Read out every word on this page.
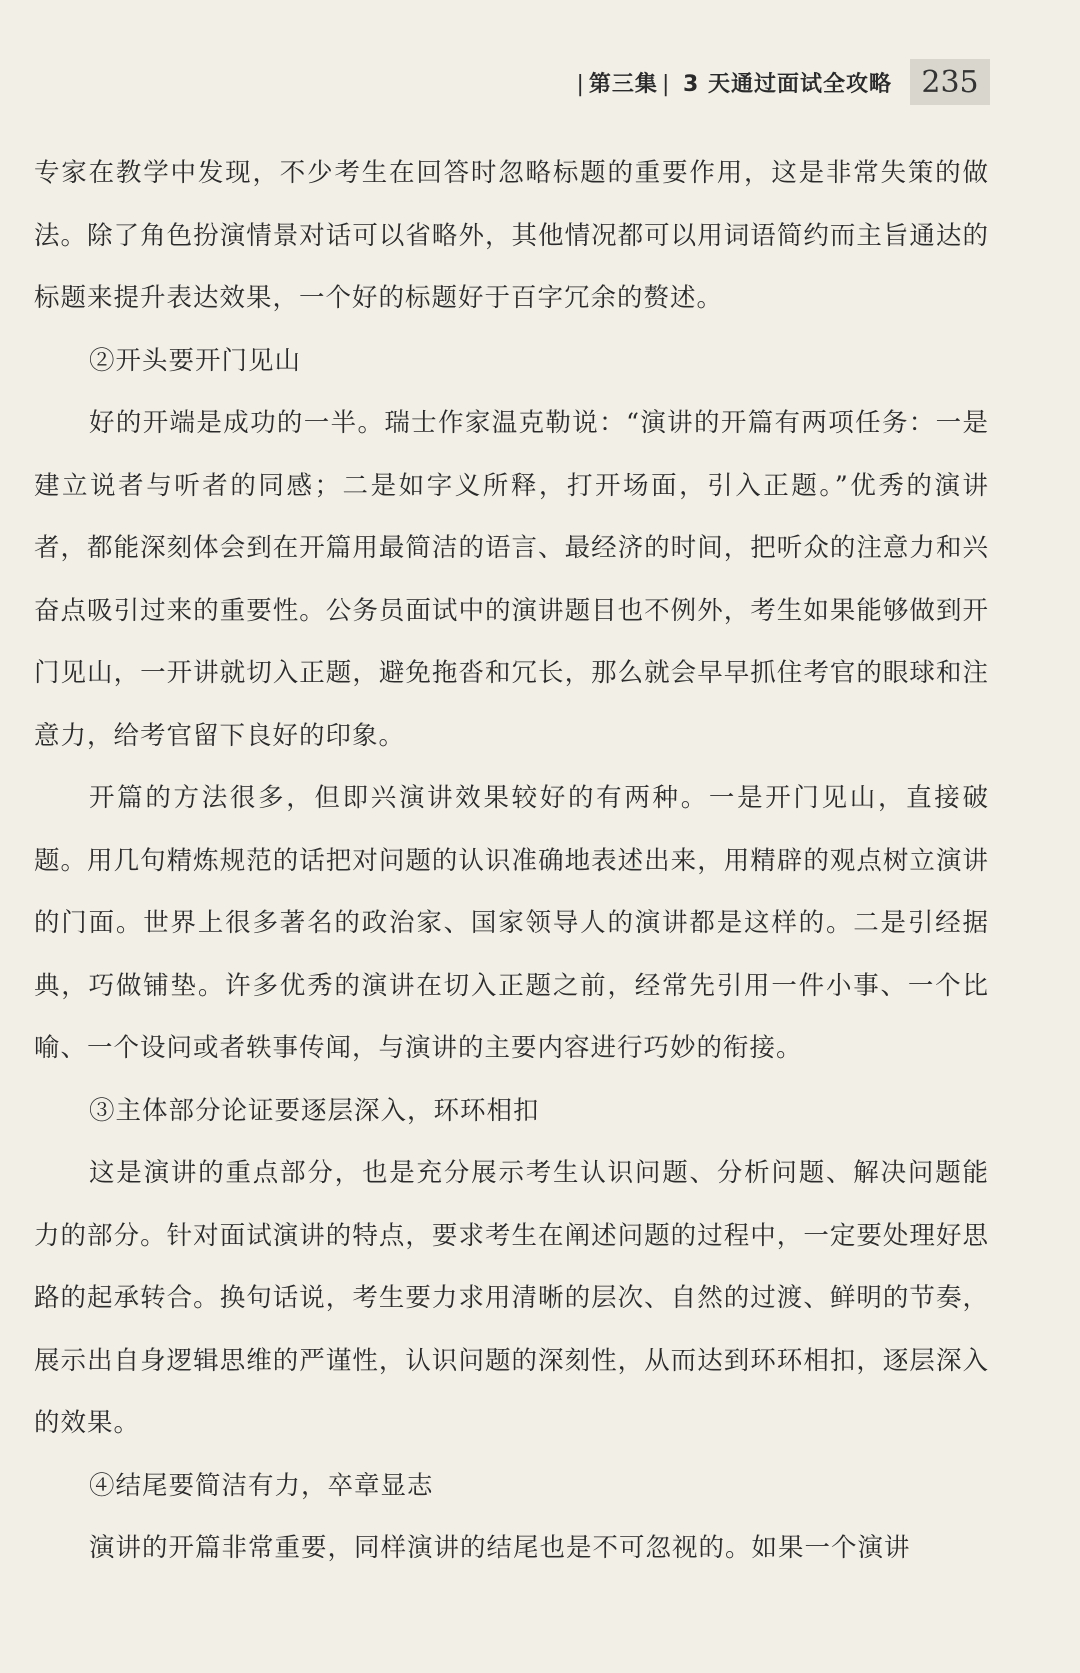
| 第三集 | 3 天通过面试全攻略 235

专家在教学中发现，不少考生在回答时忽略标题的重要作用，这是非常失策的做法。除了角色扮演情景对话可以省略外，其他情况都可以用词语简约而主旨通达的标题来提升表达效果，一个好的标题好于百字冗余的赘述。

②开头要开门见山

好的开端是成功的一半。瑞士作家温克勒说：“演讲的开篇有两项任务：一是建立说者与听者的同感；二是如字义所释，打开场面，引入正题。”优秀的演讲者，都能深刻体会到在开篇用最简洁的语言、最经济的时间，把听众的注意力和兴奋点吸引过来的重要性。公务员面试中的演讲题目也不例外，考生如果能够做到开门见山，一开讲就切入正题，避免拖沓和冗长，那么就会早早抓住考官的眼球和注意力，给考官留下良好的印象。

开篇的方法很多，但即兴演讲效果较好的有两种。一是开门见山，直接破题。用几句精炼规范的话把对问题的认识准确地表述出来，用精辟的观点树立演讲的门面。世界上很多著名的政治家、国家领导人的演讲都是这样的。二是引经据典，巧做铺垫。许多优秀的演讲在切入正题之前，经常先引用一件小事、一个比喻、一个设问或者轶事传闻，与演讲的主要内容进行巧妙的衔接。

③主体部分论证要逐层深入，环环相扣

这是演讲的重点部分，也是充分展示考生认识问题、分析问题、解决问题能力的部分。针对面试演讲的特点，要求考生在阐述问题的过程中，一定要处理好思路的起承转合。换句话说，考生要力求用清晰的层次、自然的过渡、鲜明的节奏，展示出自身逻辑思维的严谨性，认识问题的深刻性，从而达到环环相扣，逐层深入的效果。

④结尾要简洁有力，卒章显志

演讲的开篇非常重要，同样演讲的结尾也是不可忽视的。如果一个演讲
